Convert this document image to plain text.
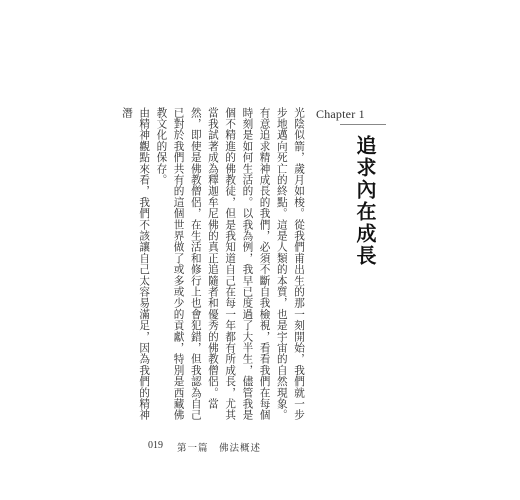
Chapter 1
追求內在成長

光陰似箭，歲月如梭。從我們甫出生的那一刻開始，我們就一步步地邁向死亡的終點。這是人類的本質，也是宇宙的自然現象。有意追求精神成長的我們，必須不斷自我檢視，看看我們在每個時刻是如何生活的。以我為例，我早已度過了大半生，儘管我是個不精進的佛教徒，但是我知道自己在每一年都有所成長，尤其當我試著成為釋迦牟尼佛的真正追隨者和優秀的佛教僧侶。當然，即使是佛教僧侶，在生活和修行上也會犯錯，但我認為自己已對於我們共有的這個世界做了或多或少的貢獻，特別是西藏佛教文化的保存。

由精神觀點來看，我們不該讓自己太容易滿足，因為我們的精神潛

019 第一篇　佛法概述
